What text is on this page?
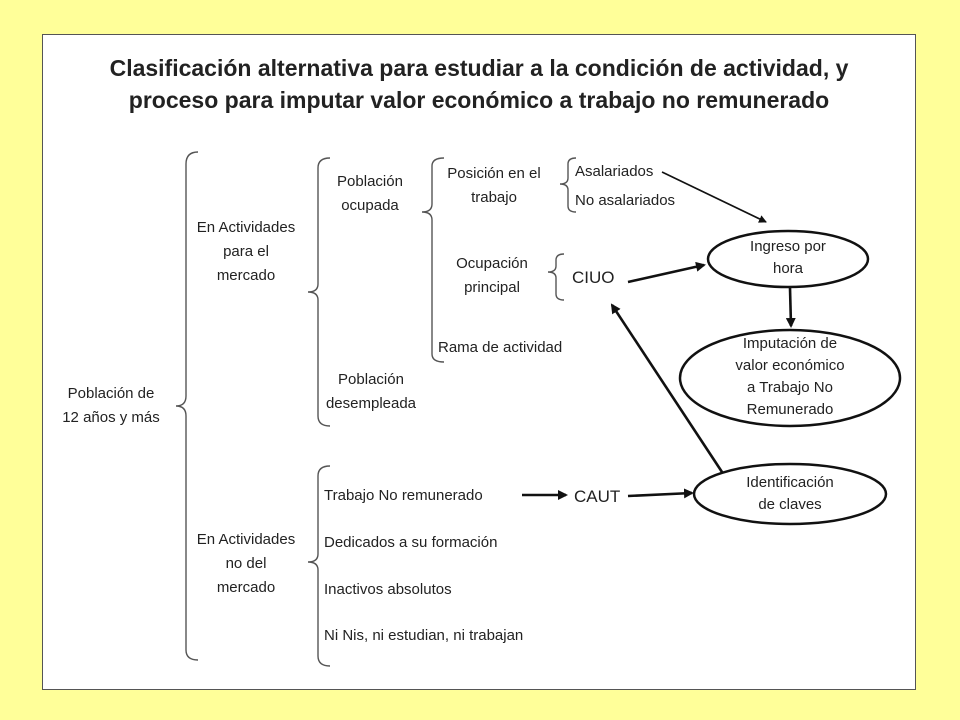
Clasificación alternativa para estudiar a la condición de actividad, y
proceso para imputar valor económico a trabajo no remunerado
Población de
12 años y más
En Actividades
para el
mercado
En Actividades
no del
mercado
Población
ocupada
Población
desempleada
Posición en el
trabajo
Ocupación
principal
Rama de actividad
Asalariados
No asalariados
CIUO
CAUT
Trabajo No remunerado
Dedicados a su formación
Inactivos absolutos
Ni Nis, ni estudian, ni trabajan
Ingreso por
hora
Imputación de
valor económico
a Trabajo No
Remunerado
Identificación
de claves
